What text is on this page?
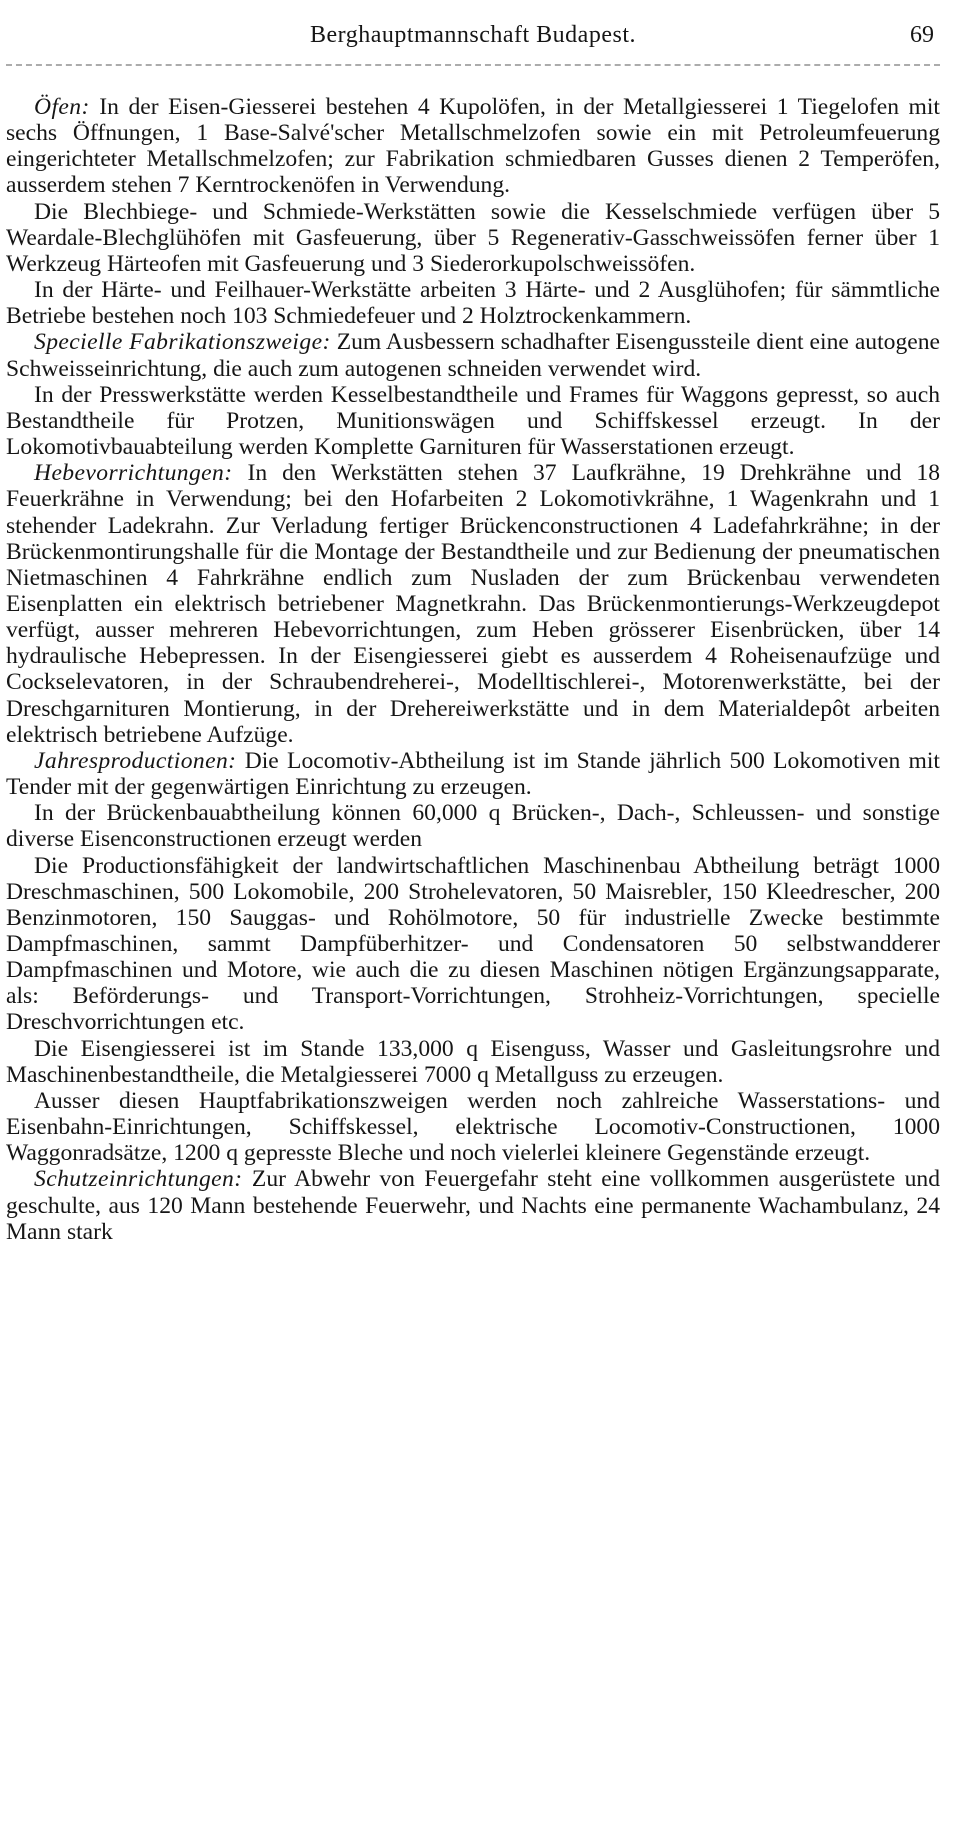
Berghauptmannschaft Budapest.	69

Öfen: In der Eisen-Giesserei bestehen 4 Kupolöfen, in der Metallgiesserei 1 Tiegelofen mit sechs Öffnungen, 1 Base-Salvé'scher Metallschmelzofen sowie ein mit Petroleumfeuerung eingerichteter Metallschmelzofen; zur Fabrikation schmiedbaren Gusses dienen 2 Temperöfen, ausserdem stehen 7 Kerntrockenöfen in Verwendung.

Die Blechbiege- und Schmiede-Werkstätten sowie die Kesselschmiede verfügen über 5 Weardale-Blechglühöfen mit Gasfeuerung, über 5 Regenerativ-Gasschweissöfen ferner über 1 Werkzeug Härteofen mit Gasfeuerung und 3 Siederorkupolschweissöfen.

In der Härte- und Feilhauer-Werkstätte arbeiten 3 Härte- und 2 Ausglühofen; für sämmtliche Betriebe bestehen noch 103 Schmiedefeuer und 2 Holztrockenkammern.

Specielle Fabrikationszweige: Zum Ausbessern schadhafter Eisengussteile dient eine autogene Schweisseinrichtung, die auch zum autogenen schneiden verwendet wird.

In der Presswerkstätte werden Kesselbestandtheile und Frames für Waggons gepresst, so auch Bestandtheile für Protzen, Munitionswägen und Schiffskessel erzeugt. In der Lokomotivbauabteilung werden Komplette Garnituren für Wasserstationen erzeugt.

Hebevorrichtungen: In den Werkstätten stehen 37 Laufkrähne, 19 Drehkrähne und 18 Feuerkrähne in Verwendung; bei den Hofarbeiten 2 Lokomotivkrähne, 1 Wagenkrahn und 1 stehender Ladekrahn. Zur Verladung fertiger Brückenconstructionen 4 Ladefahrkrähne; in der Brückenmontirungshalle für die Montage der Bestandtheile und zur Bedienung der pneumatischen Nietmaschinen 4 Fahrkrähne endlich zum Nusladen der zum Brückenbau verwendeten Eisenplatten ein elektrisch betriebener Magnetkrahn. Das Brückenmontierungs-Werkzeugdepot verfügt, ausser mehreren Hebevorrichtungen, zum Heben grösserer Eisenbrücken, über 14 hydraulische Hebepressen. In der Eisengiesserei giebt es ausserdem 4 Roheisenaufzüge und Cockselevatoren, in der Schraubendreherei-, Modelltischlerei-, Motorenwerkstätte, bei der Dreschgarnituren Montierung, in der Drehereiwerkstätte und in dem Materialdepôt arbeiten elektrisch betriebene Aufzüge.

Jahresproductionen: Die Locomotiv-Abtheilung ist im Stande jährlich 500 Lokomotiven mit Tender mit der gegenwärtigen Einrichtung zu erzeugen.

In der Brückenbauabtheilung können 60,000 q Brücken-, Dach-, Schleussen- und sonstige diverse Eisenconstructionen erzeugt werden

Die Productionsfähigkeit der landwirtschaftlichen Maschinenbau Abtheilung beträgt 1000 Dreschmaschinen, 500 Lokomobile, 200 Strohelevatoren, 50 Maisrebler, 150 Kleedrescher, 200 Benzinmotoren, 150 Sauggas- und Rohölmotore, 50 für industrielle Zwecke bestimmte Dampfmaschinen, sammt Dampfüberhitzer- und Condensatoren 50 selbstwandderer Dampfmaschinen und Motore, wie auch die zu diesen Maschinen nötigen Ergänzungsapparate, als: Beförderungs- und Transport-Vorrichtungen, Strohheiz-Vorrichtungen, specielle Dreschvorrichtungen etc.

Die Eisengiesserei ist im Stande 133,000 q Eisenguss, Wasser und Gasleitungsrohre und Maschinenbestandtheile, die Metalgiesserei 7000 q Metallguss zu erzeugen.

Ausser diesen Hauptfabrikationszweigen werden noch zahlreiche Wasserstations- und Eisenbahn-Einrichtungen, Schiffskessel, elektrische Locomotiv-Constructionen, 1000 Waggonradsätze, 1200 q gepresste Bleche und noch vielerlei kleinere Gegenstände erzeugt.

Schutzeinrichtungen: Zur Abwehr von Feuergefahr steht eine vollkommen ausgerüstete und geschulte, aus 120 Mann bestehende Feuerwehr, und Nachts eine permanente Wachambulanz, 24 Mann stark
